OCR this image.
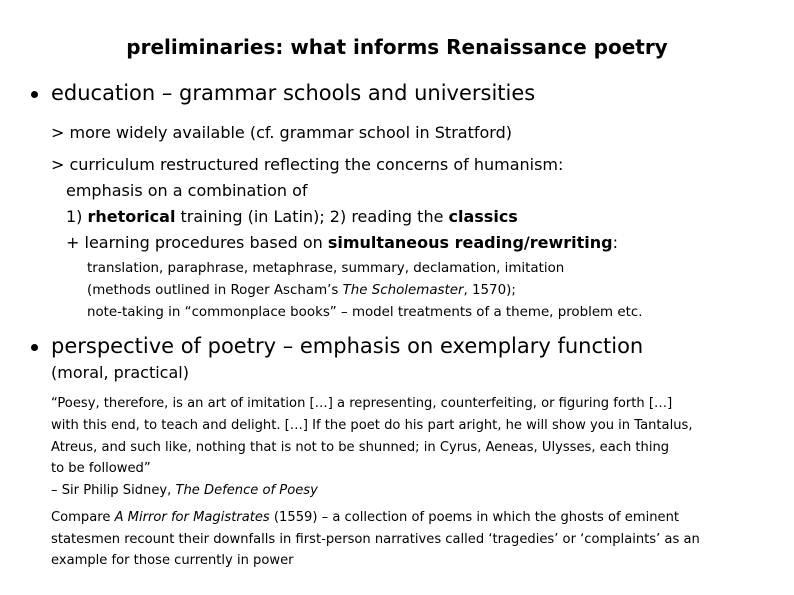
preliminaries: what informs Renaissance poetry
education – grammar schools and universities
> more widely available (cf. grammar school in Stratford)
> curriculum restructured reflecting the concerns of humanism:
emphasis on a combination of
1) rhetorical training (in Latin); 2) reading the classics
+ learning procedures based on simultaneous reading/rewriting:
translation, paraphrase, metaphrase, summary, declamation, imitation
(methods outlined in Roger Ascham’s The Scholemaster, 1570);
note-taking in “commonplace books” – model treatments of a theme, problem etc.
perspective of poetry – emphasis on exemplary function
(moral, practical)
“Poesy, therefore, is an art of imitation […] a representing, counterfeiting, or figuring forth […]
with this end, to teach and delight. […] If the poet do his part aright, he will show you in Tantalus,
Atreus, and such like, nothing that is not to be shunned; in Cyrus, Aeneas, Ulysses, each thing
to be followed”
– Sir Philip Sidney, The Defence of Poesy
Compare A Mirror for Magistrates (1559) – a collection of poems in which the ghosts of eminent
statesmen recount their downfalls in first-person narratives called ‘tragedies’ or ‘complaints’ as an
example for those currently in power
